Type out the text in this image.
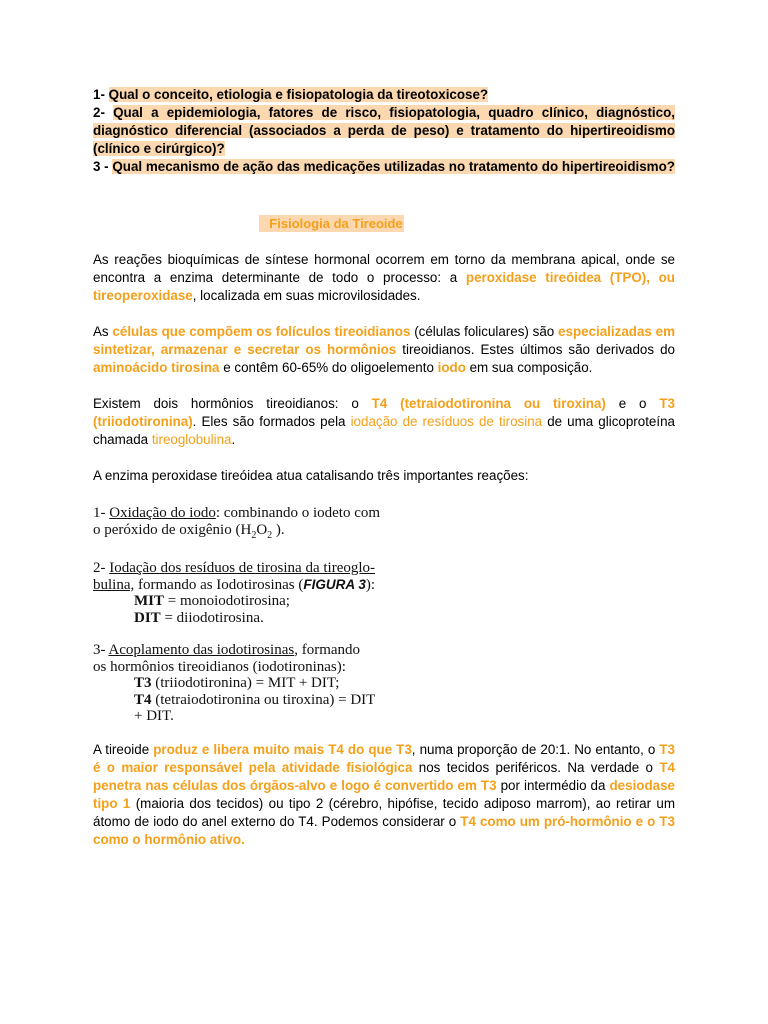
1- Qual o conceito, etiologia e fisiopatologia da tireotoxicose?
2- Qual a epidemiologia, fatores de risco, fisiopatologia, quadro clínico, diagnóstico, diagnóstico diferencial (associados a perda de peso) e tratamento do hipertireoidismo (clínico e cirúrgico)?
3 - Qual mecanismo de ação das medicações utilizadas no tratamento do hipertireoidismo?
Fisiologia da Tireoide

As reações bioquímicas de síntese hormonal ocorrem em torno da membrana apical, onde se encontra a enzima determinante de todo o processo: a peroxidase tireóidea (TPO), ou tireoperoxidase, localizada em suas microvilosidades.

As células que compõem os folículos tireoidianos (células foliculares) são especializadas em sintetizar, armazenar e secretar os hormônios tireoidianos. Estes últimos são derivados do aminoácido tirosina e contêm 60-65% do oligoelemento iodo em sua composição.

Existem dois hormônios tireoidianos: o T4 (tetraiodotironina ou tiroxina) e o T3 (triiodotironina). Eles são formados pela iodação de resíduos de tirosina de uma glicoproteína chamada tireoglobulina.

A enzima peroxidase tireóidea atua catalisando três importantes reações:

1- Oxidação do iodo: combinando o iodeto com
o peróxido de oxigênio ($H_2O_2$ ).
2- Iodação dos resíduos de tirosina da tireoglo-
bulina, formando as Iodotirosinas (FIGURA 3):
MIT = monoiodotirosina;
DIT = diiodotirosina.
3- Acoplamento das iodotirosinas, formando
os hormônios tireoidianos (iodotironinas):
T3 (triiodotironina) = MIT + DIT;
T4 (tetraiodotironina ou tiroxina) = DIT
+ DIT.

A tireoide produz e libera muito mais T4 do que T3, numa proporção de 20:1. No entanto, o T3 é o maior responsável pela atividade fisiológica nos tecidos periféricos. Na verdade o T4 penetra nas células dos órgãos-alvo e logo é convertido em T3 por intermédio da desiodase tipo 1 (maioria dos tecidos) ou tipo 2 (cérebro, hipófise, tecido adiposo marrom), ao retirar um átomo de iodo do anel externo do T4. Podemos considerar o T4 como um pró-hormônio e o T3 como o hormônio ativo.
